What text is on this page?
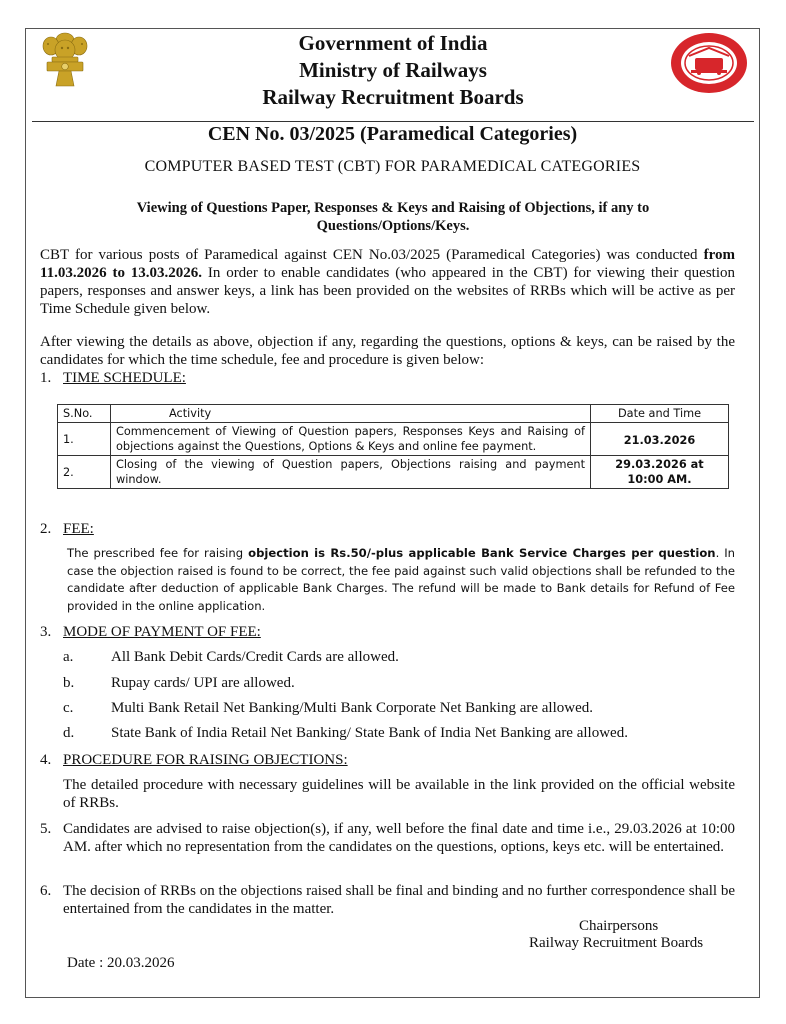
Government of India
Ministry of Railways
Railway Recruitment Boards
CEN No. 03/2025 (Paramedical Categories)
COMPUTER BASED TEST (CBT) FOR PARAMEDICAL CATEGORIES
Viewing of Questions Paper, Responses & Keys and Raising of Objections, if any to
Questions/Options/Keys.
CBT for various posts of Paramedical against CEN No.03/2025 (Paramedical Categories) was conducted from 11.03.2026 to 13.03.2026. In order to enable candidates (who appeared in the CBT) for viewing their question papers, responses and answer keys, a link has been provided on the websites of RRBs which will be active as per Time Schedule given below.
After viewing the details as above, objection if any, regarding the questions, options & keys, can be raised by the candidates for which the time schedule, fee and procedure is given below:
1. TIME SCHEDULE:
S.No.	Activity	Date and Time
1.	Commencement of Viewing of Question papers, Responses Keys and Raising of objections against the Questions, Options & Keys and online fee payment.	21.03.2026
2.	Closing of the viewing of Question papers, Objections raising and payment window.	29.03.2026 at 10:00 AM.
2. FEE:
The prescribed fee for raising objection is Rs.50/-plus applicable Bank Service Charges per question. In case the objection raised is found to be correct, the fee paid against such valid objections shall be refunded to the candidate after deduction of applicable Bank Charges. The refund will be made to Bank details for Refund of Fee provided in the online application.
3. MODE OF PAYMENT OF FEE:
a.	All Bank Debit Cards/Credit Cards are allowed.
b. Rupay cards/ UPI are allowed.
c.	Multi Bank Retail Net Banking/Multi Bank Corporate Net Banking are allowed.
d. State Bank of India Retail Net Banking/ State Bank of India Net Banking are allowed.
4. PROCEDURE FOR RAISING OBJECTIONS:
The detailed procedure with necessary guidelines will be available in the link provided on the official website of RRBs.
5. Candidates are advised to raise objection(s), if any, well before the final date and time i.e., 29.03.2026 at 10:00 AM. after which no representation from the candidates on the questions, options, keys etc. will be entertained.
6. The decision of RRBs on the objections raised shall be final and binding and no further correspondence shall be entertained from the candidates in the matter.
Chairpersons
Railway Recruitment Boards
Date : 20.03.2026
